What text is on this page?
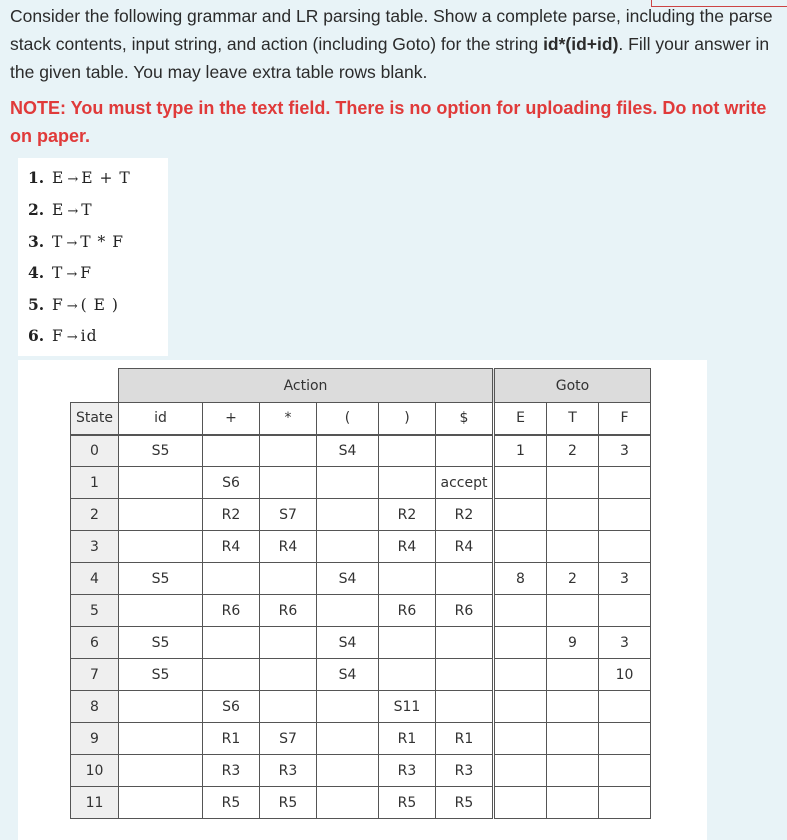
Consider the following grammar and LR parsing table. Show a complete parse, including the parse stack contents, input string, and action (including Goto) for the string id*(id+id). Fill your answer in the given table. You may leave extra table rows blank.
NOTE: You must type in the text field. There is no option for uploading files. Do not write on paper.
1. E → E + T
2. E → T
3. T → T * F
4. T → F
5. F → ( E )
6. F → id
	Action						Goto		
State	id	+	*	(	)	$	E	T	F
0	S5			S4			1	2	3
1		S6				accept			
2		R2	S7		R2	R2			
3		R4	R4		R4	R4			
4	S5			S4			8	2	3
5		R6	R6		R6	R6			
6	S5			S4				9	3
7	S5			S4					10
8		S6			S11				
9		R1	S7		R1	R1			
10		R3	R3		R3	R3			
11		R5	R5		R5	R5			
